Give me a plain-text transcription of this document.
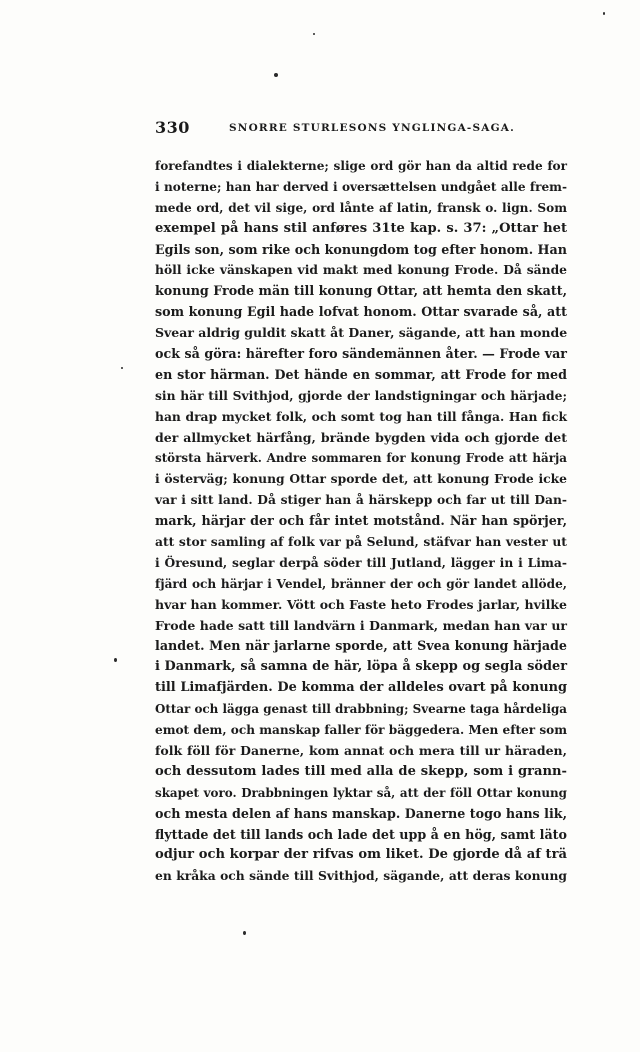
330	SNORRE STURLESONS YNGLINGA-SAGA.
forefandtes i dialekterne; slige ord gör han da altid rede for
i noterne; han har derved i oversættelsen undgået alle frem-
mede ord, det vil sige, ord lånte af latin, fransk o. lign. Som
exempel på hans stil anføres 31te kap. s. 37: „Ottar het
Egils son, som rike och konungdom tog efter honom. Han
höll icke vänskapen vid makt med konung Frode. Då sände
konung Frode män till konung Ottar, att hemta den skatt,
som konung Egil hade lofvat honom. Ottar svarade så, att
Svear aldrig guldit skatt åt Daner, sägande, att han monde
ock så göra: härefter foro sändemännen åter. — Frode var
en stor härman. Det hände en sommar, att Frode for med
sin här till Svithjod, gjorde der landstigningar och härjade;
han drap mycket folk, och somt tog han till fånga. Han fick
der allmycket härfång, brände bygden vida och gjorde det
största härverk. Andre sommaren for konung Frode att härja
i österväg; konung Ottar sporde det, att konung Frode icke
var i sitt land. Då stiger han å härskepp och far ut till Dan-
mark, härjar der och får intet motstånd. När han spörjer,
att stor samling af folk var på Selund, stäfvar han vester ut
i Öresund, seglar derpå söder till Jutland, lägger in i Lima-
fjärd och härjar i Vendel, bränner der och gör landet allöde,
hvar han kommer. Vött och Faste heto Frodes jarlar, hvilke
Frode hade satt till landvärn i Danmark, medan han var ur
landet. Men när jarlarne sporde, att Svea konung härjade
i Danmark, så samna de här, löpa å skepp og segla söder
till Limafjärden. De komma der alldeles ovart på konung
Ottar och lägga genast till drabbning; Svearne taga hårdeliga
emot dem, och manskap faller för bäggedera. Men efter som
folk föll för Danerne, kom annat och mera till ur häraden,
och dessutom lades till med alla de skepp, som i grann-
skapet voro. Drabbningen lyktar så, att der föll Ottar konung
och mesta delen af hans manskap. Danerne togo hans lik,
flyttade det till lands och lade det upp å en hög, samt läto
odjur och korpar der rifvas om liket. De gjorde då af trä
en kråka och sände till Svithjod, sägande, att deras konung
